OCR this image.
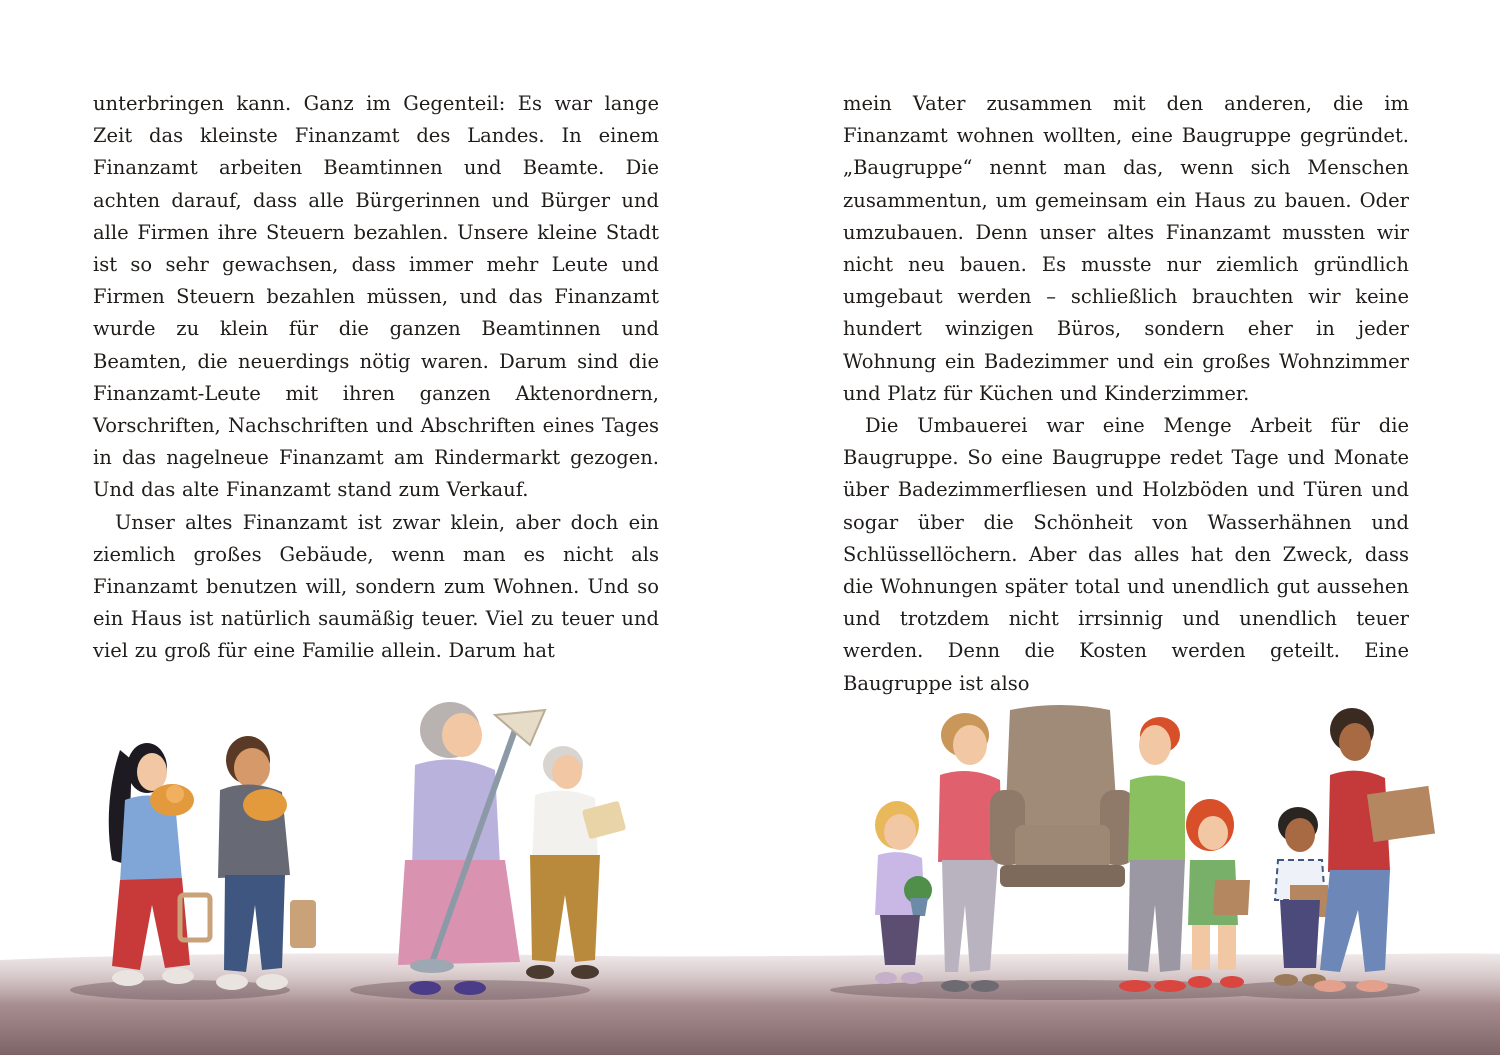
unterbringen kann. Ganz im Gegenteil: Es war lange Zeit das kleinste Finanzamt des Landes. In einem Finanzamt arbeiten Beamtinnen und Beamte. Die achten darauf, dass alle Bürgerinnen und Bürger und alle Firmen ihre Steuern bezahlen. Unsere kleine Stadt ist so sehr gewachsen, dass immer mehr Leute und Firmen Steuern bezahlen müssen, und das Finanzamt wurde zu klein für die ganzen Beamtinnen und Beamten, die neuerdings nötig waren. Darum sind die Finanzamt-Leute mit ihren ganzen Aktenordnern, Vorschriften, Nachschriften und Abschriften eines Tages in das nagelneue Finanzamt am Rindermarkt gezogen. Und das alte Finanzamt stand zum Verkauf.

Unser altes Finanzamt ist zwar klein, aber doch ein ziemlich großes Gebäude, wenn man es nicht als Finanzamt benutzen will, sondern zum Wohnen. Und so ein Haus ist natürlich saumäßig teuer. Viel zu teuer und viel zu groß für eine Familie allein. Darum hat

mein Vater zusammen mit den anderen, die im Finanzamt wohnen wollten, eine Baugruppe gegründet. „Baugruppe“ nennt man das, wenn sich Menschen zusammentun, um gemeinsam ein Haus zu bauen. Oder umzubauen. Denn unser altes Finanzamt mussten wir nicht neu bauen. Es musste nur ziemlich gründlich umgebaut werden – schließlich brauchten wir keine hundert winzigen Büros, sondern eher in jeder Wohnung ein Badezimmer und ein großes Wohnzimmer und Platz für Küchen und Kinderzimmer.

Die Umbauerei war eine Menge Arbeit für die Baugruppe. So eine Baugruppe redet Tage und Monate über Badezimmerfliesen und Holzböden und Türen und sogar über die Schönheit von Wasserhähnen und Schlüssellöchern. Aber das alles hat den Zweck, dass die Wohnungen später total und unendlich gut aussehen und trotzdem nicht irrsinnig und unendlich teuer werden. Denn die Kosten werden geteilt. Eine Baugruppe ist also
